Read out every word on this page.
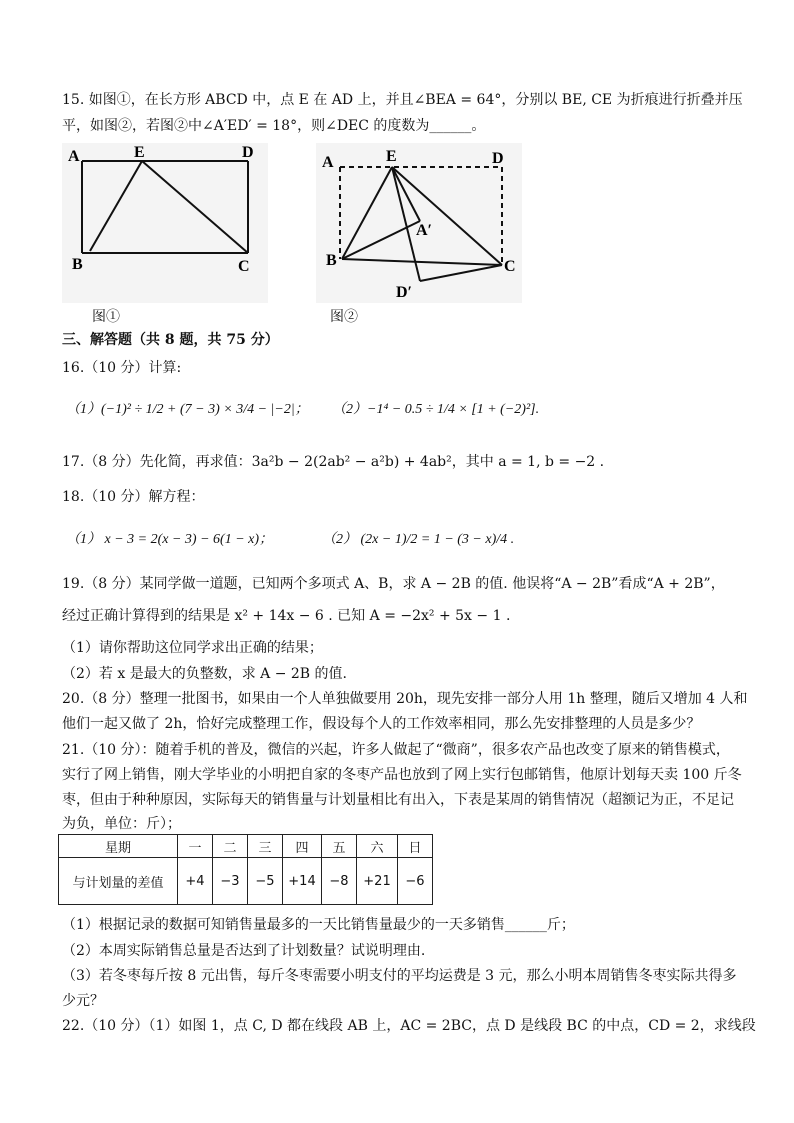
15. 如图①，在长方形 ABCD 中，点 E 在 AD 上，并且∠BEA = 64°，分别以 BE, CE 为折痕进行折叠并压
平，如图②，若图②中∠A′ED′ = 18°，则∠DEC 的度数为______。
A	E	D
B	C
A	E	D
A′
B	C
D′
图①	图②
三、解答题（共 8 题，共 75 分）
16.（10 分）计算:
（1）(−1)² ÷ 1/2 + (7 − 3) × 3/4 − |−2|； （2）−1⁴ − 0.5 ÷ 1/4 × [1 + (−2)²].
17.（8 分）先化简，再求值：3a²b − 2(2ab² − a²b) + 4ab²，其中 a = 1, b = −2 .
18.（10 分）解方程：
（1） x − 3 = 2(x − 3) − 6(1 − x)；	（2） (2x − 1)/2 = 1 − (3 − x)/4 .
19.（8 分）某同学做一道题，已知两个多项式 A、B，求 A − 2B 的值. 他误将“A − 2B”看成“A + 2B”，
经过正确计算得到的结果是 x² + 14x − 6 . 已知 A = −2x² + 5x − 1 .
（1）请你帮助这位同学求出正确的结果；
（2）若 x 是最大的负整数，求 A − 2B 的值.
20.（8 分）整理一批图书，如果由一个人单独做要用 20h，现先安排一部分人用 1h 整理，随后又增加 4 人和
他们一起又做了 2h，恰好完成整理工作，假设每个人的工作效率相同，那么先安排整理的人员是多少？
21.（10 分）：随着手机的普及，微信的兴起，许多人做起了“微商”，很多农产品也改变了原来的销售模式，
实行了网上销售，刚大学毕业的小明把自家的冬枣产品也放到了网上实行包邮销售，他原计划每天卖 100 斤冬
枣，但由于种种原因，实际每天的销售量与计划量相比有出入，下表是某周的销售情况（超额记为正，不足记
为负，单位：斤）；
星期	一	二	三	四	五	六	日
与计划量的差值	+4	−3	−5	+14	−8	+21	−6
（1）根据记录的数据可知销售量最多的一天比销售量最少的一天多销售______斤；
（2）本周实际销售总量是否达到了计划数量？试说明理由.
（3）若冬枣每斤按 8 元出售，每斤冬枣需要小明支付的平均运费是 3 元，那么小明本周销售冬枣实际共得多
少元？
22.（10 分）（1）如图 1，点 C, D 都在线段 AB 上，AC = 2BC，点 D 是线段 BC 的中点，CD = 2，求线段
